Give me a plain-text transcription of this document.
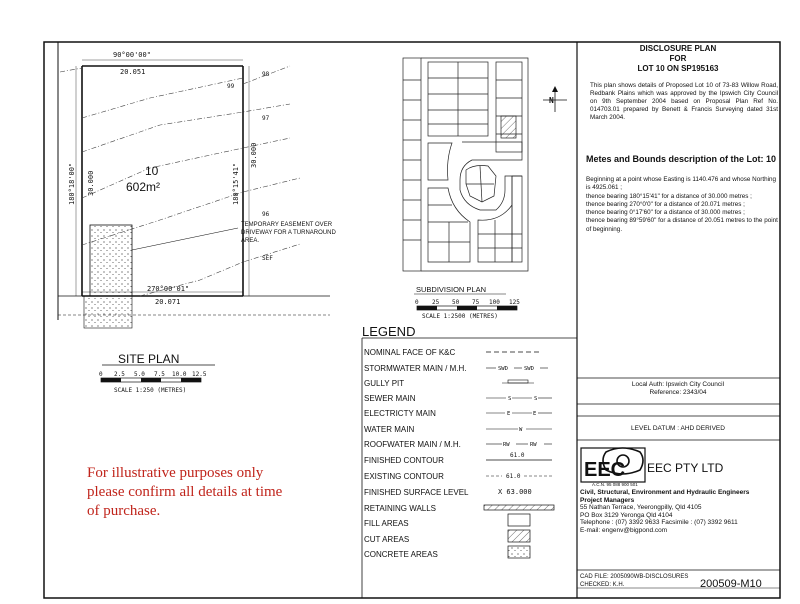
90°00'00"
20.051
180°18'00" 30.000	180°15'41"
30.000
270°00'01"
20.071
99
98
97
96
SEF
0 2.5 5.0 7.5 10.0 12.5
SCALE 1:250 (METRES)
N
0 25 50 75 100 125
SCALE 1:2500 (METRES)
SWD	SWD
S	S
E	E
W
RW	RW
61.0
61.0
X 63.000
EEC
DISCLOSURE PLAN
FOR
LOT 10 ON SP195163
This plan shows details of Proposed Lot 10 of 73-83 Willow Road, Redbank Plains which was approved by the Ipswich City Council on 9th September 2004 based on Proposal Plan Ref No. 014703.01 prepared by Benett & Francis Surveying dated 31st March 2004.
Metes and Bounds description of the Lot: 10
Beginning at a point whose Easting is 1140.476 and whose Northing is 4925.061 ;
thence bearing 180°15'41" for a distance of 30.000 metres ;
thence bearing 270°0'0" for a distance of 20.071 metres ;
thence bearing 0°17'60" for a distance of 30.000 metres ;
thence bearing 89°59'60" for a distance of 20.051 metres to the point of beginning.
Local Auth: Ipswich City Council
Reference: 2343/04
LEVEL DATUM : AHD DERIVED
EEC PTY LTD
A.C.N. 95 088 900 501
Civil, Structural, Environment and Hydraulic Engineers
Project Managers
55 Nathan Terrace, Yeerongpilly, Qld 4105
PO Box 3129 Yeronga Qld 4104
Telephone : (07) 3392 9633 Facsimile : (07) 3392 9611
E-mail: engenv@bigpond.com
CAD FILE: 2005090WB-DISCLOSURES
CHECKED: K.H.	200509-M10
10
602m²
TEMPORARY EASEMENT OVER DRIVEWAY FOR A TURNAROUND AREA.
SITE PLAN
SUBDIVISION PLAN
LEGEND
NOMINAL FACE OF K&C
STORMWATER MAIN / M.H.
GULLY PIT
SEWER MAIN
ELECTRICTY MAIN
WATER MAIN
ROOFWATER MAIN / M.H.
FINISHED CONTOUR
EXISTING CONTOUR
FINISHED SURFACE LEVEL
RETAINING WALLS
FILL AREAS
CUT AREAS
CONCRETE AREAS
For illustrative purposes only
please confirm all details at time
of purchase.
